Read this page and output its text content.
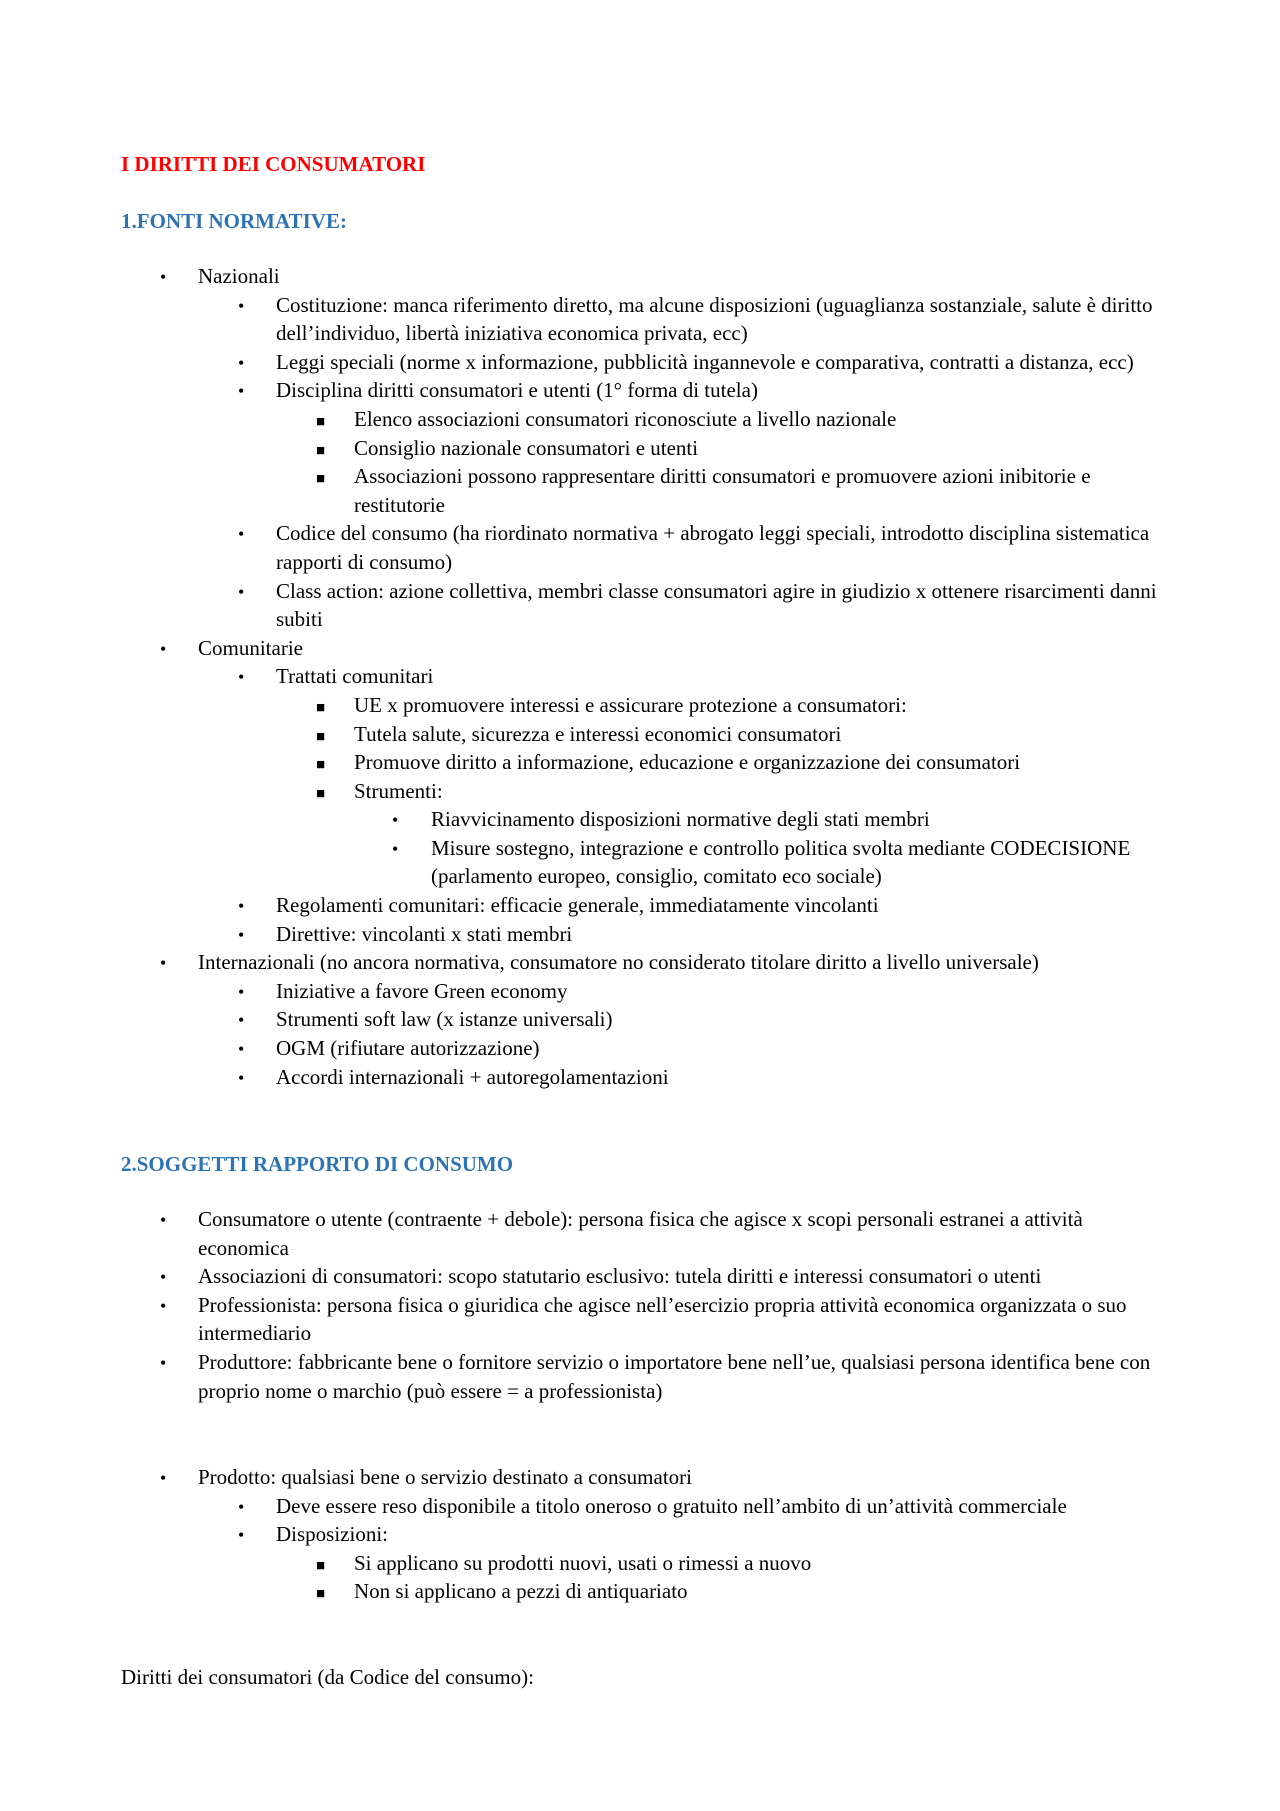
I DIRITTI DEI CONSUMATORI
1.FONTI NORMATIVE:
•
Nazionali
•
Costituzione: manca riferimento diretto, ma alcune disposizioni (uguaglianza sostanziale, salute è diritto dell’individuo, libertà iniziativa economica privata, ecc)
•
Leggi speciali (norme x informazione, pubblicità ingannevole e comparativa, contratti a distanza, ecc)
•
Disciplina diritti consumatori e utenti (1° forma di tutela)
■
Elenco associazioni consumatori riconosciute a livello nazionale
■
Consiglio nazionale consumatori e utenti
■
Associazioni possono rappresentare diritti consumatori e promuovere azioni inibitorie e restitutorie
•
Codice del consumo (ha riordinato normativa + abrogato leggi speciali, introdotto disciplina sistematica rapporti di consumo)
•
Class action: azione collettiva, membri classe consumatori agire in giudizio x ottenere risarcimenti danni subiti
•
Comunitarie
•
Trattati comunitari
■
UE x promuovere interessi e assicurare protezione a consumatori:
■
Tutela salute, sicurezza e interessi economici consumatori
■
Promuove diritto a informazione, educazione e organizzazione dei consumatori
■
Strumenti:
•
Riavvicinamento disposizioni normative degli stati membri
•
Misure sostegno, integrazione e controllo politica svolta mediante CODECISIONE (parlamento europeo, consiglio, comitato eco sociale)
•
Regolamenti comunitari: efficacie generale, immediatamente vincolanti
•
Direttive: vincolanti x stati membri
•
Internazionali (no ancora normativa, consumatore no considerato titolare diritto a livello universale)
•
Iniziative a favore Green economy
•
Strumenti soft law (x istanze universali)
•
OGM (rifiutare autorizzazione)
•
Accordi internazionali + autoregolamentazioni
2.SOGGETTI RAPPORTO DI CONSUMO
•
Consumatore o utente (contraente + debole): persona fisica che agisce x scopi personali estranei a attività economica
•
Associazioni di consumatori: scopo statutario esclusivo: tutela diritti e interessi consumatori o utenti
•
Professionista: persona fisica o giuridica che agisce nell’esercizio propria attività economica organizzata o suo intermediario
•
Produttore: fabbricante bene o fornitore servizio o importatore bene nell’ue, qualsiasi persona identifica bene con proprio nome o marchio (può essere = a professionista)
•
Prodotto: qualsiasi bene o servizio destinato a consumatori
•
Deve essere reso disponibile a titolo oneroso o gratuito nell’ambito di un’attività commerciale
•
Disposizioni:
■
Si applicano su prodotti nuovi, usati o rimessi a nuovo
■
Non si applicano a pezzi di antiquariato
Diritti dei consumatori (da Codice del consumo):
